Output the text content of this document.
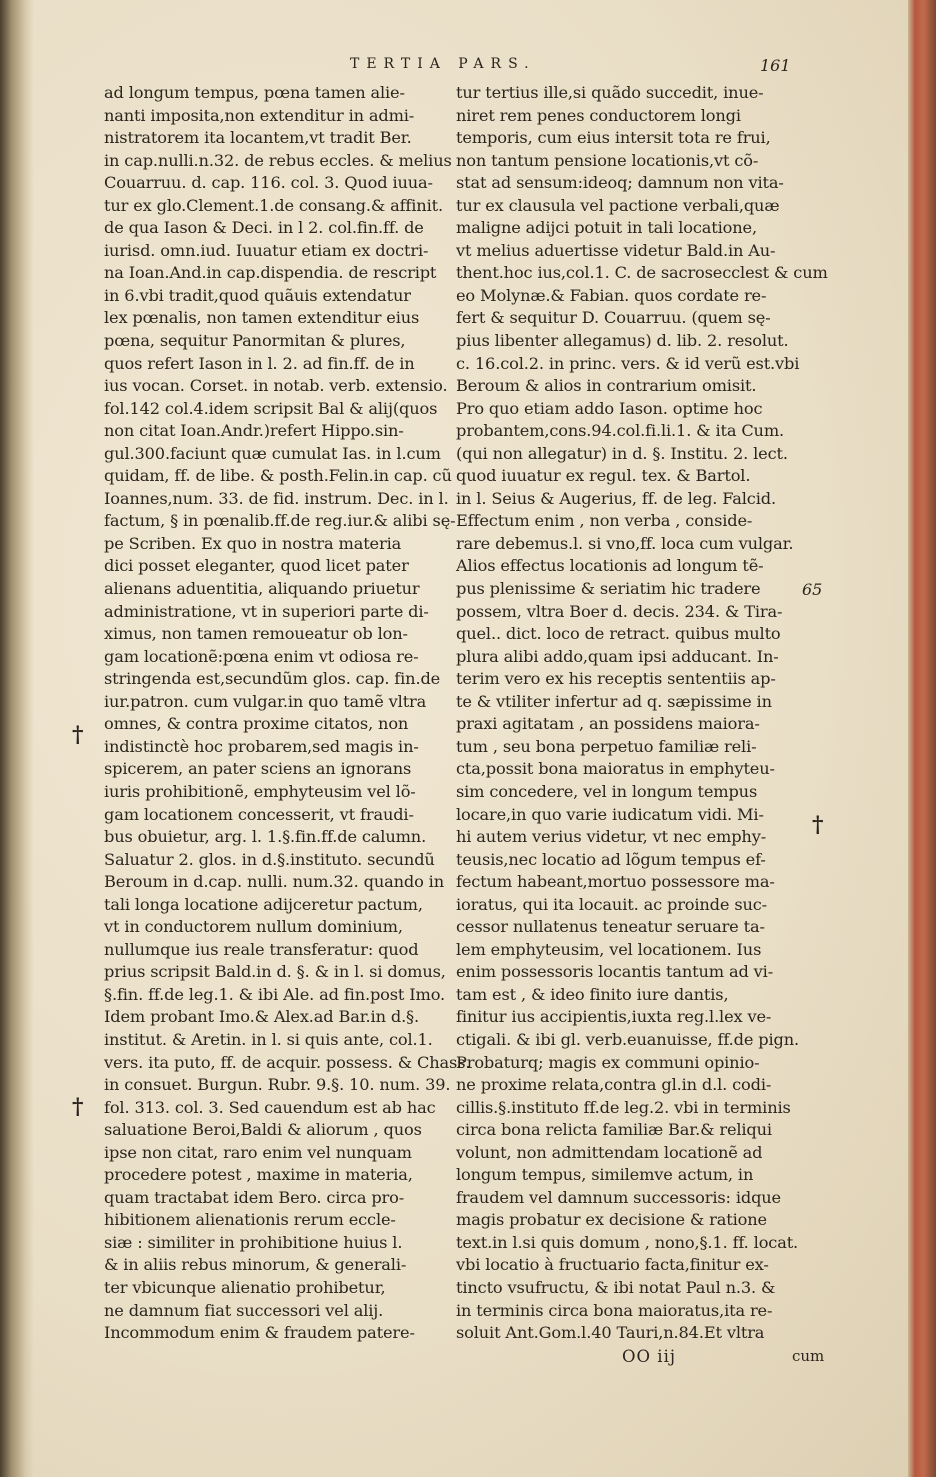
TERTIA PARS.	161
ad longum tempus, pœna tamen alie-
nanti imposita,non extenditur in admi-
nistratorem ita locantem,vt tradit Ber.
in cap.nulli.n.32. de rebus eccles. & melius
Couarruu. d. cap. 116. col. 3. Quod iuua-
tur ex glo.Clement.1.de consang.& affinit.
de qua Iason & Deci. in l 2. col.fin.ff. de
iurisd. omn.iud. Iuuatur etiam ex doctri-
na Ioan.And.in cap.dispendia. de rescript
in 6.vbi tradit,quod quãuis extendatur
lex pœnalis, non tamen extenditur eius
pœna, sequitur Panormitan & plures,
quos refert Iason in l. 2. ad fin.ff. de in
ius vocan. Corset. in notab. verb. extensio.
fol.142 col.4.idem scripsit Bal & alij(quos
non citat Ioan.Andr.)refert Hippo.sin-
gul.300.faciunt quæ cumulat Ias. in l.cum
quidam, ff. de libe. & posth.Felin.in cap. cũ
Ioannes,num. 33. de fid. instrum. Dec. in l.
factum, § in pœnalib.ff.de reg.iur.& alibi sę-
pe Scriben. Ex quo in nostra materia
dici posset eleganter, quod licet pater
alienans aduentitia, aliquando priuetur
administratione, vt in superiori parte di-
ximus, non tamen remoueatur ob lon-
gam locationẽ:pœna enim vt odiosa re-
stringenda est,secundũm glos. cap. fin.de
iur.patron. cum vulgar.in quo tamẽ vltra
omnes, & contra proxime citatos, non
indistinctè hoc probarem,sed magis in-
spicerem, an pater sciens an ignorans
iuris prohibitionẽ, emphyteusim vel lõ-
gam locationem concesserit, vt fraudi-
bus obuietur, arg. l. 1.§.fin.ff.de calumn.
Saluatur 2. glos. in d.§.instituto. secundũ
Beroum in d.cap. nulli. num.32. quando in
tali longa locatione adijceretur pactum,
vt in conductorem nullum dominium,
nullumque ius reale transferatur: quod
prius scripsit Bald.in d. §. & in l. si domus,
§.fin. ff.de leg.1. & ibi Ale. ad fin.post Imo.
Idem probant Imo.& Alex.ad Bar.in d.§.
institut. & Aretin. in l. si quis ante, col.1.
vers. ita puto, ff. de acquir. possess. & Chass.
in consuet. Burgun. Rubr. 9.§. 10. num. 39.
fol. 313. col. 3. Sed cauendum est ab hac
saluatione Beroi,Baldi & aliorum , quos
ipse non citat, raro enim vel nunquam
procedere potest , maxime in materia,
quam tractabat idem Bero. circa pro-
hibitionem alienationis rerum eccle-
siæ : similiter in prohibitione huius l.
& in aliis rebus minorum, & generali-
ter vbicunque alienatio prohibetur,
ne damnum fiat successori vel alij.
Incommodum enim & fraudem patere-
tur tertius ille,si quãdo succedit, inue-
niret rem penes conductorem longi
temporis, cum eius intersit tota re frui,
non tantum pensione locationis,vt cõ-
stat ad sensum:ideoq; damnum non vita-
tur ex clausula vel pactione verbali,quæ
maligne adijci potuit in tali locatione,
vt melius aduertisse videtur Bald.in Au-
thent.hoc ius,col.1. C. de sacrosecclest & cum
eo Molynæ.& Fabian. quos cordate re-
fert & sequitur D. Couarruu. (quem sę-
pius libenter allegamus) d. lib. 2. resolut.
c. 16.col.2. in princ. vers. & id verũ est.vbi
Beroum & alios in contrarium omisit.
Pro quo etiam addo Iason. optime hoc
probantem,cons.94.col.fi.li.1. & ita Cum.
(qui non allegatur) in d. §. Institu. 2. lect.
quod iuuatur ex regul. tex. & Bartol.
in l. Seius & Augerius, ff. de leg. Falcid.
Effectum enim , non verba , conside-
rare debemus.l. si vno,ff. loca cum vulgar.
Alios effectus locationis ad longum tẽ-
pus plenissime & seriatim hic tradere
possem, vltra Boer d. decis. 234. & Tira-
quel.. dict. loco de retract. quibus multo
plura alibi addo,quam ipsi adducant. In-
terim vero ex his receptis sententiis ap-
te & vtiliter infertur ad q. sæpissime in
praxi agitatam , an possidens maiora-
tum , seu bona perpetuo familiæ reli-
cta,possit bona maioratus in emphyteu-
sim concedere, vel in longum tempus
locare,in quo varie iudicatum vidi. Mi-
hi autem verius videtur, vt nec emphy-
teusis,nec locatio ad lõgum tempus ef-
fectum habeant,mortuo possessore ma-
ioratus, qui ita locauit. ac proinde suc-
cessor nullatenus teneatur seruare ta-
lem emphyteusim, vel locationem. Ius
enim possessoris locantis tantum ad vi-
tam est , & ideo finito iure dantis,
finitur ius accipientis,iuxta reg.l.lex ve-
ctigali. & ibi gl. verb.euanuisse, ff.de pign.
Probaturq; magis ex communi opinio-
ne proxime relata,contra gl.in d.l. codi-
cillis.§.instituto ff.de leg.2. vbi in terminis
circa bona relicta familiæ Bar.& reliqui
volunt, non admittendam locationẽ ad
longum tempus, similemve actum, in
fraudem vel damnum successoris: idque
magis probatur ex decisione & ratione
text.in l.si quis domum , nono,§.1. ff. locat.
vbi locatio à fructuario facta,finitur ex-
tincto vsufructu, & ibi notat Paul n.3. &
in terminis circa bona maioratus,ita re-
soluit Ant.Gom.l.40 Tauri,n.84.Et vltra
†
†
†
65
OO iij	cum
